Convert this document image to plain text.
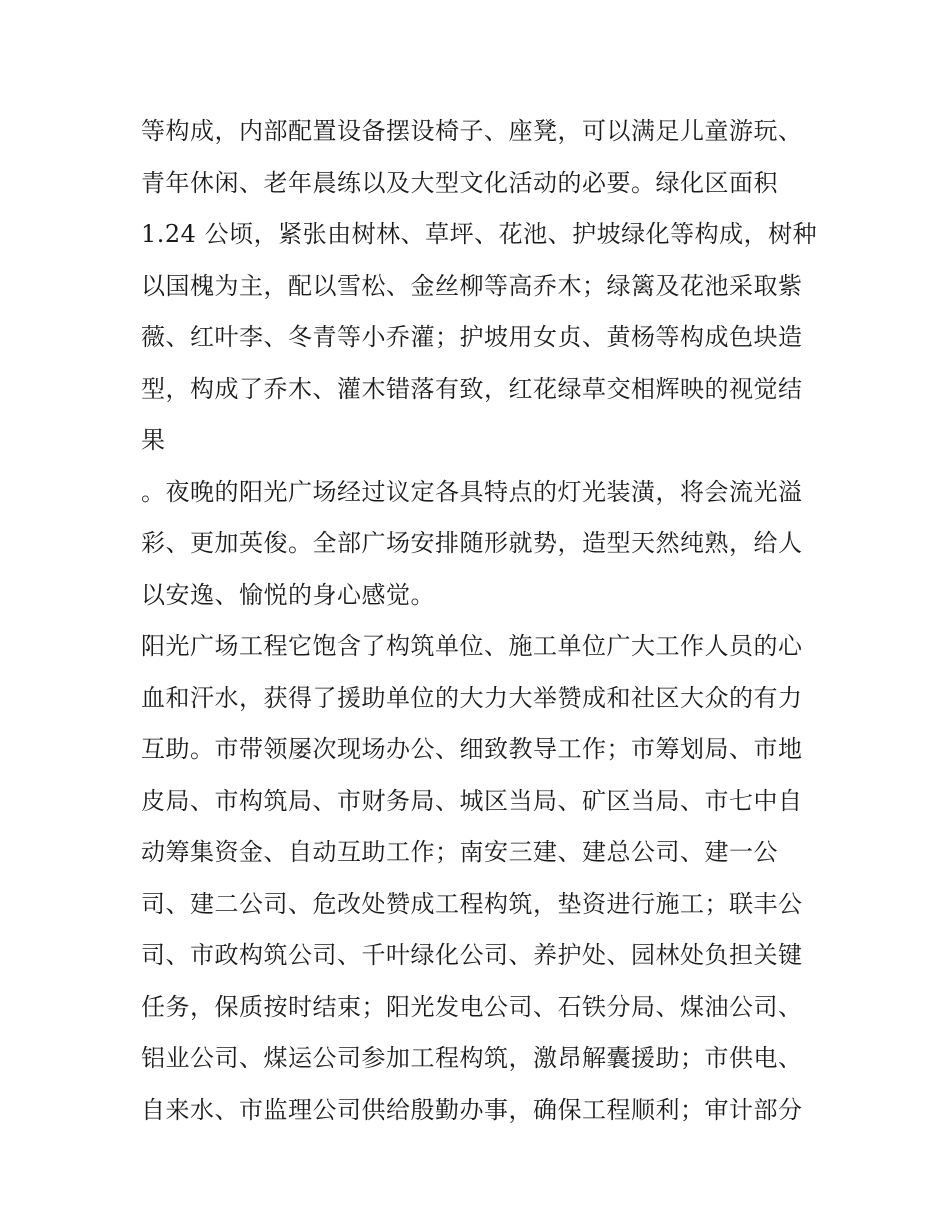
等构成，内部配置设备摆设椅子、座凳，可以满足儿童游玩、
青年休闲、老年晨练以及大型文化活动的必要。绿化区面积
1.24 公顷，紧张由树林、草坪、花池、护坡绿化等构成，树种
以国槐为主，配以雪松、金丝柳等高乔木；绿篱及花池采取紫
薇、红叶李、冬青等小乔灌；护坡用女贞、黄杨等构成色块造
型，构成了乔木、灌木错落有致，红花绿草交相辉映的视觉结
果
。夜晚的阳光广场经过议定各具特点的灯光装潢，将会流光溢
彩、更加英俊。全部广场安排随形就势，造型天然纯熟，给人
以安逸、愉悦的身心感觉。
阳光广场工程它饱含了构筑单位、施工单位广大工作人员的心
血和汗水，获得了援助单位的大力大举赞成和社区大众的有力
互助。市带领屡次现场办公、细致教导工作；市筹划局、市地
皮局、市构筑局、市财务局、城区当局、矿区当局、市七中自
动筹集资金、自动互助工作；南安三建、建总公司、建一公
司、建二公司、危改处赞成工程构筑，垫资进行施工；联丰公
司、市政构筑公司、千叶绿化公司、养护处、园林处负担关键
任务，保质按时结束；阳光发电公司、石铁分局、煤油公司、
铝业公司、煤运公司参加工程构筑，激昂解囊援助；市供电、
自来水、市监理公司供给殷勤办事，确保工程顺利；审计部分
